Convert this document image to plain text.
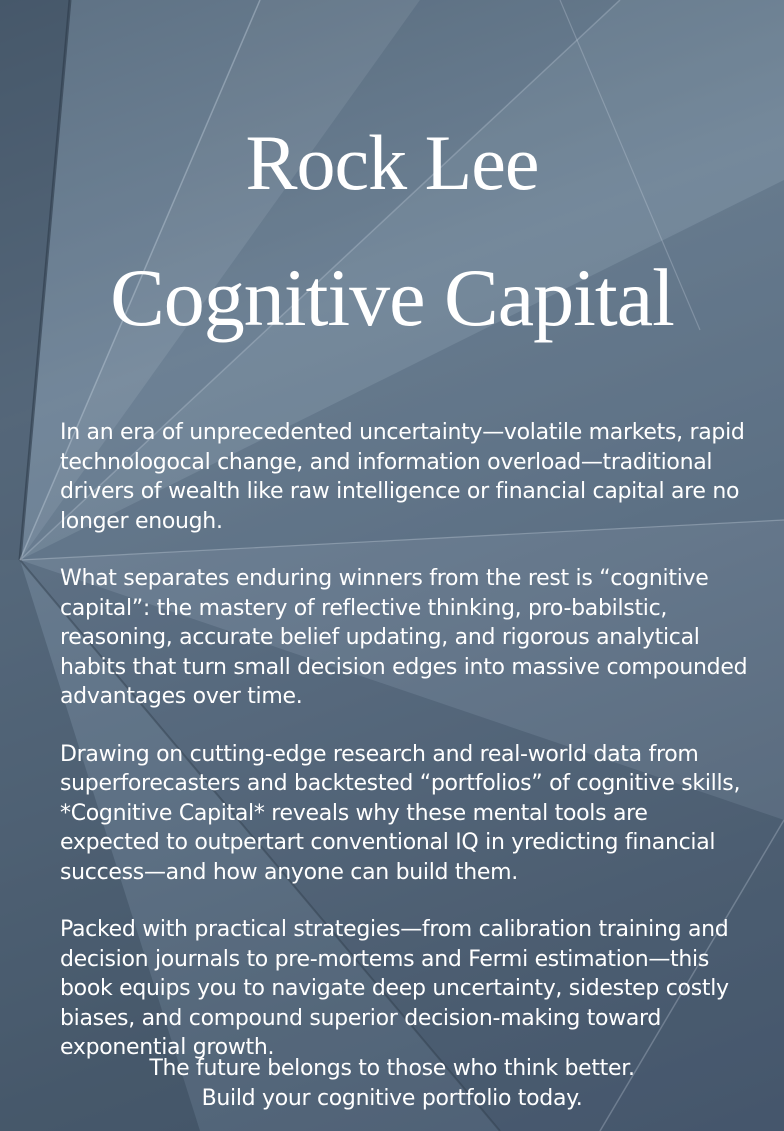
Rock Lee
Cognitive Capital

In an era of unprecedented uncertainty—volatile markets, rapid technologocal change, and information overload—traditional drivers of wealth like raw intelligence or financial capital are no longer enough.

What separates enduring winners from the rest is “cognitive capital”: the mastery of reflective thinking, pro-babilstic, reasoning, accurate belief updating, and rigorous analytical habits that turn small decision edges into massive compounded advantages over time.

Drawing on cutting-edge research and real-world data from superforecasters and backtested “portfolios” of cognitive skills, *Cognitive Capital* reveals why these mental tools are expected to outpertart conventional IQ in yredicting financial success—and how anyone can build them.

Packed with practical strategies—from calibration training and decision journals to pre-mortems and Fermi estimation—this book equips you to navigate deep uncertainty, sidestep costly biases, and compound superior decision-making toward exponential growth.

The future belongs to those who think better.
Build your cognitive portfolio today.
